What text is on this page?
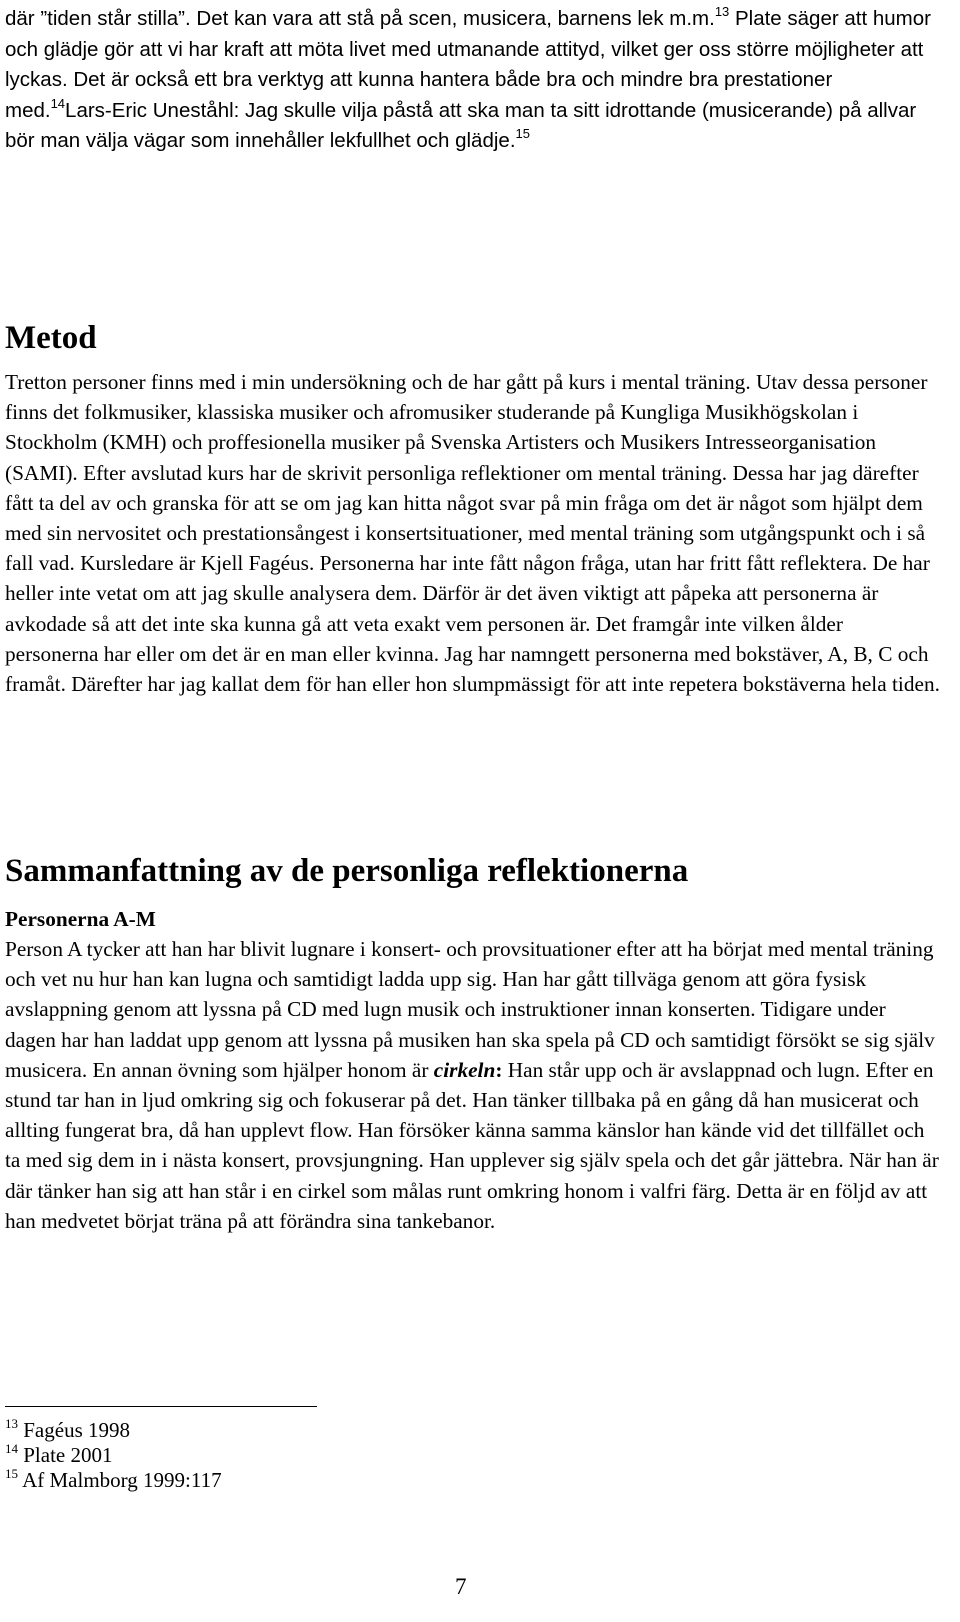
där ”tiden står stilla”. Det kan vara att stå på scen, musicera, barnens lek m.m.$^{13}$ Plate säger att humor och glädje gör att vi har kraft att möta livet med utmanande attityd, vilket ger oss större möjligheter att lyckas. Det är också ett bra verktyg att kunna hantera både bra och mindre bra prestationer med.$^{14}$Lars-Eric Uneståhl: Jag skulle vilja påstå att ska man ta sitt idrottande (musicerande) på allvar bör man välja vägar som innehåller lekfullhet och glädje.$^{15}$
Metod
Tretton personer finns med i min undersökning och de har gått på kurs i mental träning. Utav dessa personer finns det folkmusiker, klassiska musiker och afromusiker studerande på Kungliga Musikhögskolan i Stockholm (KMH) och proffesionella musiker på Svenska Artisters och Musikers Intresseorganisation (SAMI). Efter avslutad kurs har de skrivit personliga reflektioner om mental träning. Dessa har jag därefter fått ta del av och granska för att se om jag kan hitta något svar på min fråga om det är något som hjälpt dem med sin nervositet och prestationsångest i konsertsituationer, med mental träning som utgångspunkt och i så fall vad. Kursledare är Kjell Fagéus. Personerna har inte fått någon fråga, utan har fritt fått reflektera. De har heller inte vetat om att jag skulle analysera dem. Därför är det även viktigt att påpeka att personerna är avkodade så att det inte ska kunna gå att veta exakt vem personen är. Det framgår inte vilken ålder personerna har eller om det är en man eller kvinna. Jag har namngett personerna med bokstäver, A, B, C och framåt. Därefter har jag kallat dem för han eller hon slumpmässigt för att inte repetera bokstäverna hela tiden.
Sammanfattning av de personliga reflektionerna
Personerna A-M
Person A tycker att han har blivit lugnare i konsert- och provsituationer efter att ha börjat med mental träning och vet nu hur han kan lugna och samtidigt ladda upp sig. Han har gått tillväga genom att göra fysisk avslappning genom att lyssna på CD med lugn musik och instruktioner innan konserten. Tidigare under dagen har han laddat upp genom att lyssna på musiken han ska spela på CD och samtidigt försökt se sig själv musicera. En annan övning som hjälper honom är cirkeln: Han står upp och är avslappnad och lugn. Efter en stund tar han in ljud omkring sig och fokuserar på det. Han tänker tillbaka på en gång då han musicerat och allting fungerat bra, då han upplevt flow. Han försöker känna samma känslor han kände vid det tillfället och ta med sig dem in i nästa konsert, provsjungning. Han upplever sig själv spela och det går jättebra. När han är där tänker han sig att han står i en cirkel som målas runt omkring honom i valfri färg. Detta är en följd av att han medvetet börjat träna på att förändra sina tankebanor.
$^{13}$ Fagéus 1998
$^{14}$ Plate 2001
$^{15}$ Af Malmborg 1999:117
7
